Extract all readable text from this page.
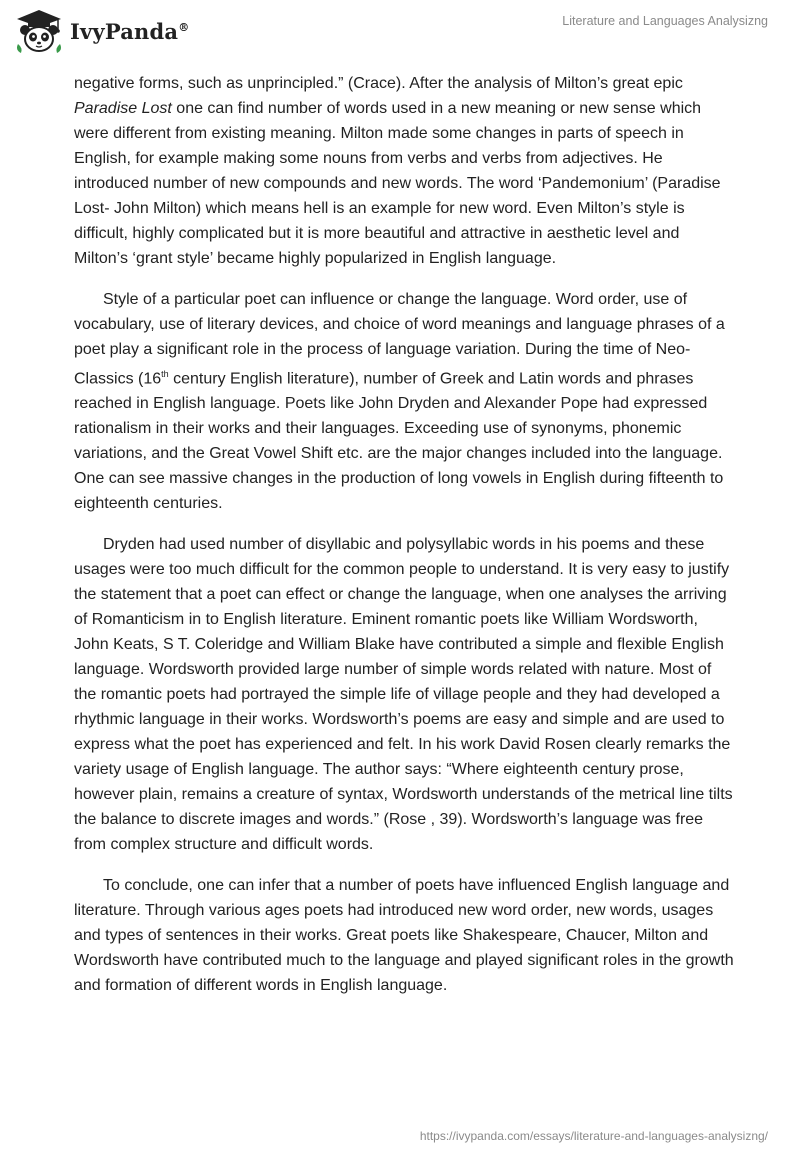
IvyPanda®	Literature and Languages Analysizng

negative forms, such as unprincipled.” (Crace). After the analysis of Milton’s great epic Paradise Lost one can find number of words used in a new meaning or new sense which were different from existing meaning. Milton made some changes in parts of speech in English, for example making some nouns from verbs and verbs from adjectives. He introduced number of new compounds and new words. The word ‘Pandemonium’ (Paradise Lost- John Milton) which means hell is an example for new word. Even Milton’s style is difficult, highly complicated but it is more beautiful and attractive in aesthetic level and Milton’s ‘grant style’ became highly popularized in English language.

Style of a particular poet can influence or change the language. Word order, use of vocabulary, use of literary devices, and choice of word meanings and language phrases of a poet play a significant role in the process of language variation. During the time of Neo-Classics (16th century English literature), number of Greek and Latin words and phrases reached in English language. Poets like John Dryden and Alexander Pope had expressed rationalism in their works and their languages. Exceeding use of synonyms, phonemic variations, and the Great Vowel Shift etc. are the major changes included into the language. One can see massive changes in the production of long vowels in English during fifteenth to eighteenth centuries.

Dryden had used number of disyllabic and polysyllabic words in his poems and these usages were too much difficult for the common people to understand. It is very easy to justify the statement that a poet can effect or change the language, when one analyses the arriving of Romanticism in to English literature. Eminent romantic poets like William Wordsworth, John Keats, S T. Coleridge and William Blake have contributed a simple and flexible English language. Wordsworth provided large number of simple words related with nature. Most of the romantic poets had portrayed the simple life of village people and they had developed a rhythmic language in their works. Wordsworth’s poems are easy and simple and are used to express what the poet has experienced and felt. In his work David Rosen clearly remarks the variety usage of English language. The author says: “Where eighteenth century prose, however plain, remains a creature of syntax, Wordsworth understands of the metrical line tilts the balance to discrete images and words.” (Rose , 39). Wordsworth’s language was free from complex structure and difficult words.

To conclude, one can infer that a number of poets have influenced English language and literature. Through various ages poets had introduced new word order, new words, usages and types of sentences in their works. Great poets like Shakespeare, Chaucer, Milton and Wordsworth have contributed much to the language and played significant roles in the growth and formation of different words in English language.

https://ivypanda.com/essays/literature-and-languages-analysizng/
